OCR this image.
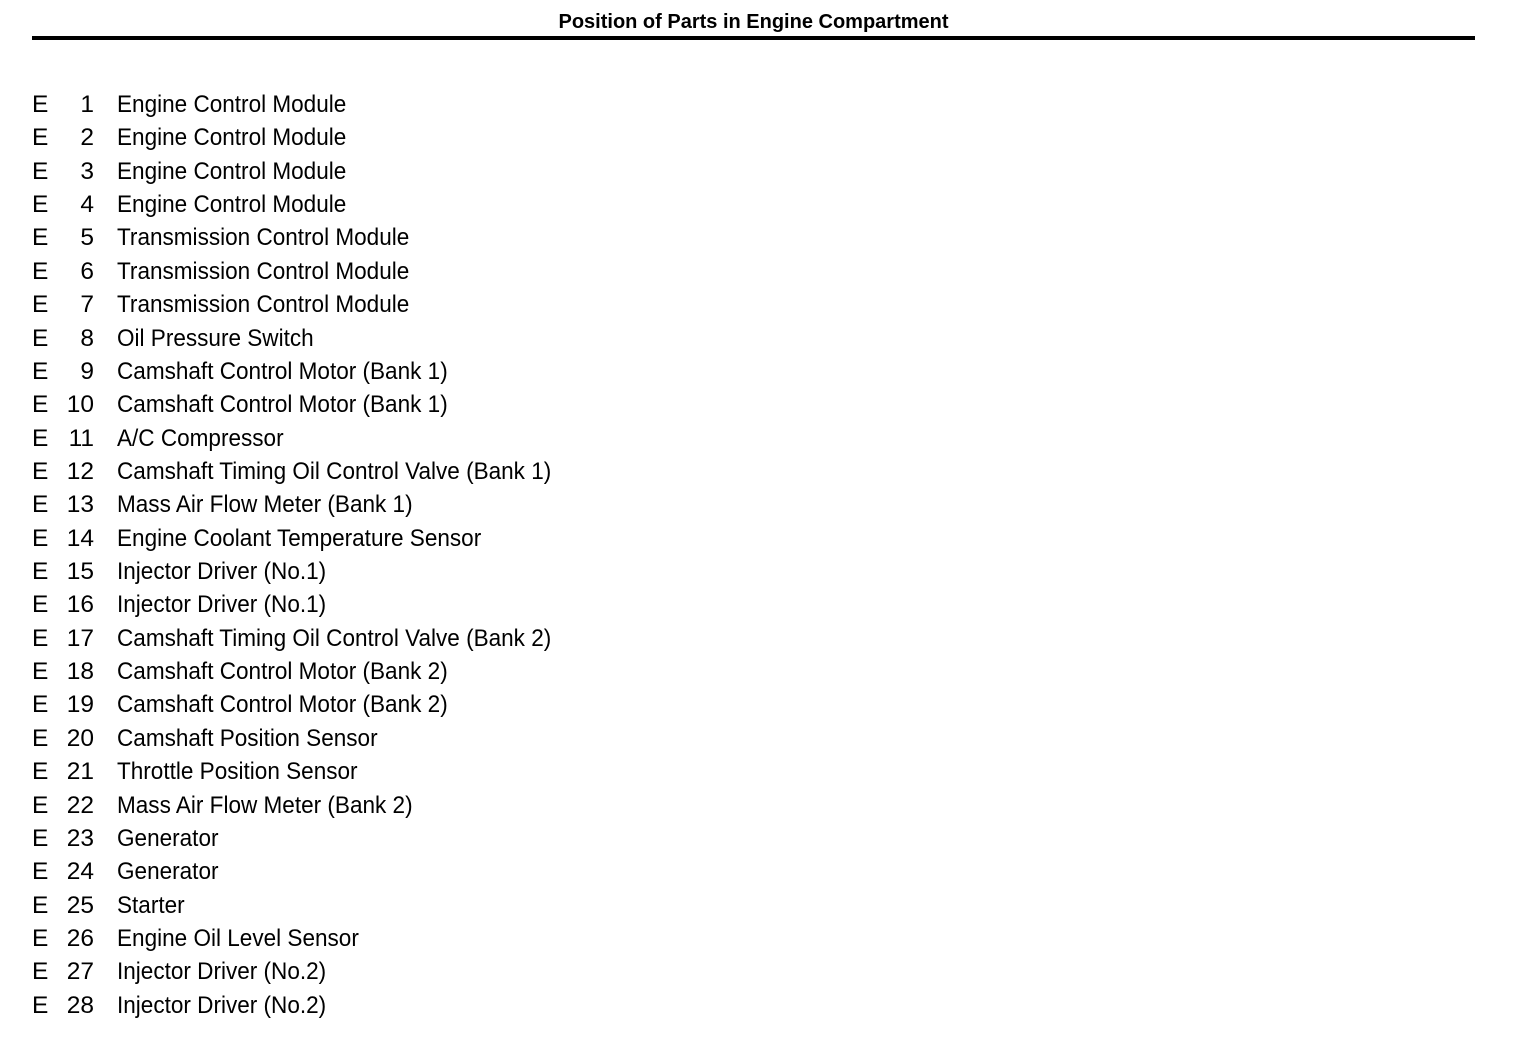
Position of Parts in Engine Compartment
E	1 Engine Control Module
E	2 Engine Control Module
E	3 Engine Control Module
E	4 Engine Control Module
E	5 Transmission Control Module
E	6 Transmission Control Module
E	7 Transmission Control Module
E	8 Oil Pressure Switch
E	9 Camshaft Control Motor (Bank 1)
E 10 Camshaft Control Motor (Bank 1)
E 11 A/C Compressor
E 12 Camshaft Timing Oil Control Valve (Bank 1)
E 13 Mass Air Flow Meter (Bank 1)
E 14 Engine Coolant Temperature Sensor
E 15 Injector Driver (No.1)
E 16 Injector Driver (No.1)
E 17 Camshaft Timing Oil Control Valve (Bank 2)
E 18 Camshaft Control Motor (Bank 2)
E 19 Camshaft Control Motor (Bank 2)
E 20 Camshaft Position Sensor
E 21 Throttle Position Sensor
E 22 Mass Air Flow Meter (Bank 2)
E 23 Generator
E 24 Generator
E 25 Starter
E 26 Engine Oil Level Sensor
E 27 Injector Driver (No.2)
E 28 Injector Driver (No.2)
